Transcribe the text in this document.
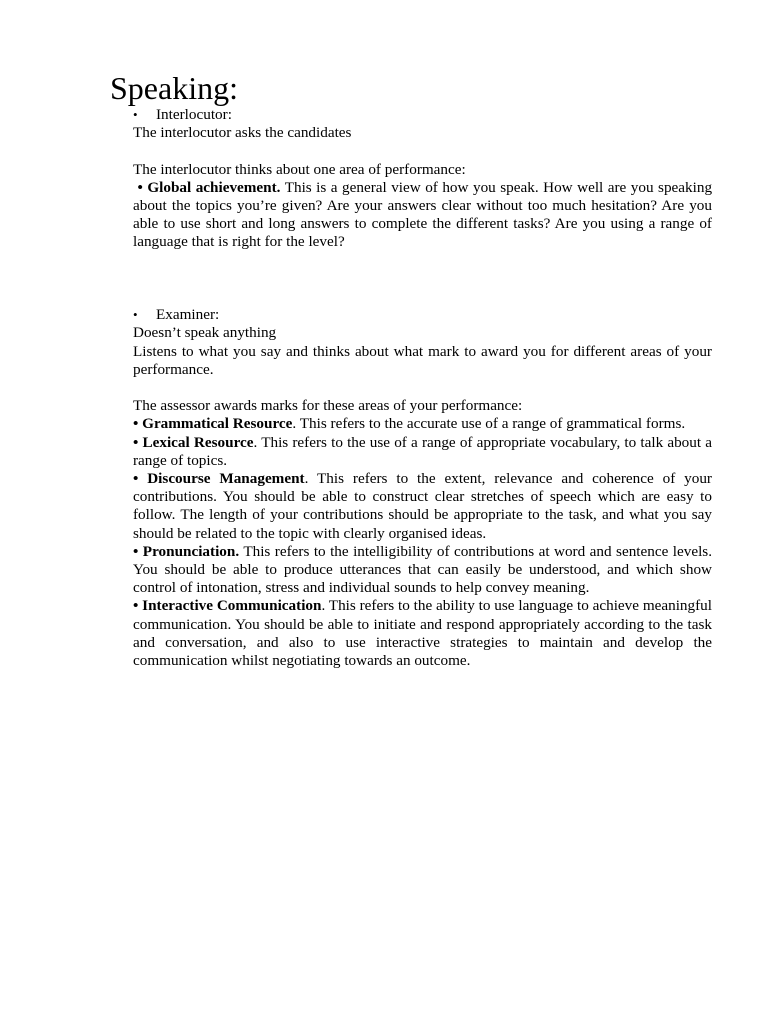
Speaking:
•	Interlocutor:
The interlocutor asks the candidates
The interlocutor thinks about one area of performance:
• Global achievement. This is a general view of how you speak. How well are you speaking about the topics you’re given? Are your answers clear without too much hesitation? Are you able to use short and long answers to complete the different tasks? Are you using a range of language that is right for the level?
•	Examiner:
Doesn’t speak anything
Listens to what you say and thinks about what mark to award you for different areas of your performance.
The assessor awards marks for these areas of your performance:
• Grammatical Resource. This refers to the accurate use of a range of grammatical forms.
• Lexical Resource. This refers to the use of a range of appropriate vocabulary, to talk about a range of topics.
• Discourse Management. This refers to the extent, relevance and coherence of your contributions. You should be able to construct clear stretches of speech which are easy to follow. The length of your contributions should be appropriate to the task, and what you say should be related to the topic with clearly organised ideas.
• Pronunciation. This refers to the intelligibility of contributions at word and sentence levels. You should be able to produce utterances that can easily be understood, and which show control of intonation, stress and individual sounds to help convey meaning.
• Interactive Communication. This refers to the ability to use language to achieve meaningful communication. You should be able to initiate and respond appropriately according to the task and conversation, and also to use interactive strategies to maintain and develop the communication whilst negotiating towards an outcome.
